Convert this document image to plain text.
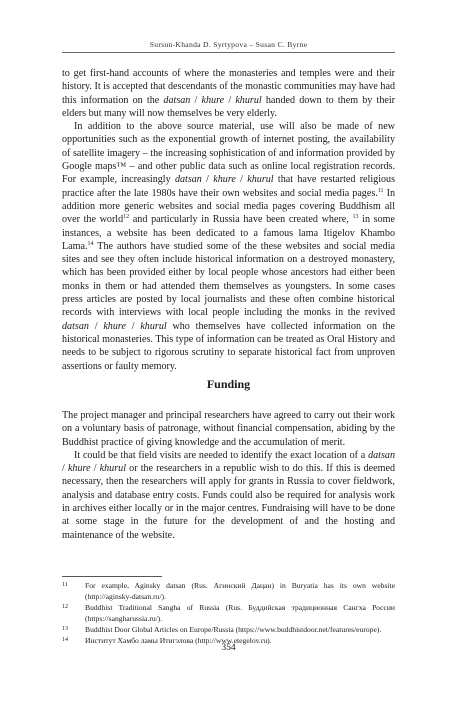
Sursun-Khanda D. Syrtypova – Susan C. Byrne

to get first-hand accounts of where the monasteries and temples were and their history. It is accepted that descendants of the monastic communities may have had this information on the datsan / khure / khurul handed down to them by their elders but many will now themselves be very elderly.

In addition to the above source material, use will also be made of new opportunities such as the exponential growth of internet posting, the availability of satellite imagery – the increasing sophistication of and information provided by Google maps™ – and other public data such as online local registration records. For example, increasingly datsan / khure / khurul that have restarted religious practice after the late 1980s have their own websites and social media pages.$^{11}$ In addition more generic websites and social media pages covering Buddhism all over the world$^{12}$ and particularly in Russia have been created where, $^{13}$ in some instances, a website has been dedicated to a famous lama Itigelov Khambo Lama.$^{14}$ The authors have studied some of the these websites and social media sites and see they often include historical information on a destroyed monastery, which has been provided either by local people whose ancestors had either been monks in them or had attended them themselves as youngsters. In some cases press articles are posted by local journalists and these often combine historical records with interviews with local people including the monks in the revived datsan / khure / khurul who themselves have collected information on the historical monasteries. This type of information can be treated as Oral History and needs to be subject to rigorous scrutiny to separate historical fact from unproven assertions or faulty memory.

Funding

The project manager and principal researchers have agreed to carry out their work on a voluntary basis of patronage, without financial compensation, abiding by the Buddhist practice of giving knowledge and the accumulation of merit.

It could be that field visits are needed to identify the exact location of a datsan / khure / khurul or the researchers in a republic wish to do this. If this is deemed necessary, then the researchers will apply for grants in Russia to cover fieldwork, analysis and database entry costs. Funds could also be required for analysis work in archives either locally or in the major centres. Fundraising will have to be done at some stage in the future for the development of and the hosting and maintenance of the website.

11 For example, Aginsky datsan (Rus. Агинский Дацан) in Buryatia has its own website (http://aginsky-datsan.ru/).
12 Buddhist Traditional Sangha of Russia (Rus. Буддийская традиционная Сангха России (https://sangharussia.ru/).
13 Buddhist Door Global Articles on Europe/Russia (https://www.buddhistdoor.net/features/europe).
14 Институт Хамбо ламы Итигэлова (http://www.etegelov.ru).
354
